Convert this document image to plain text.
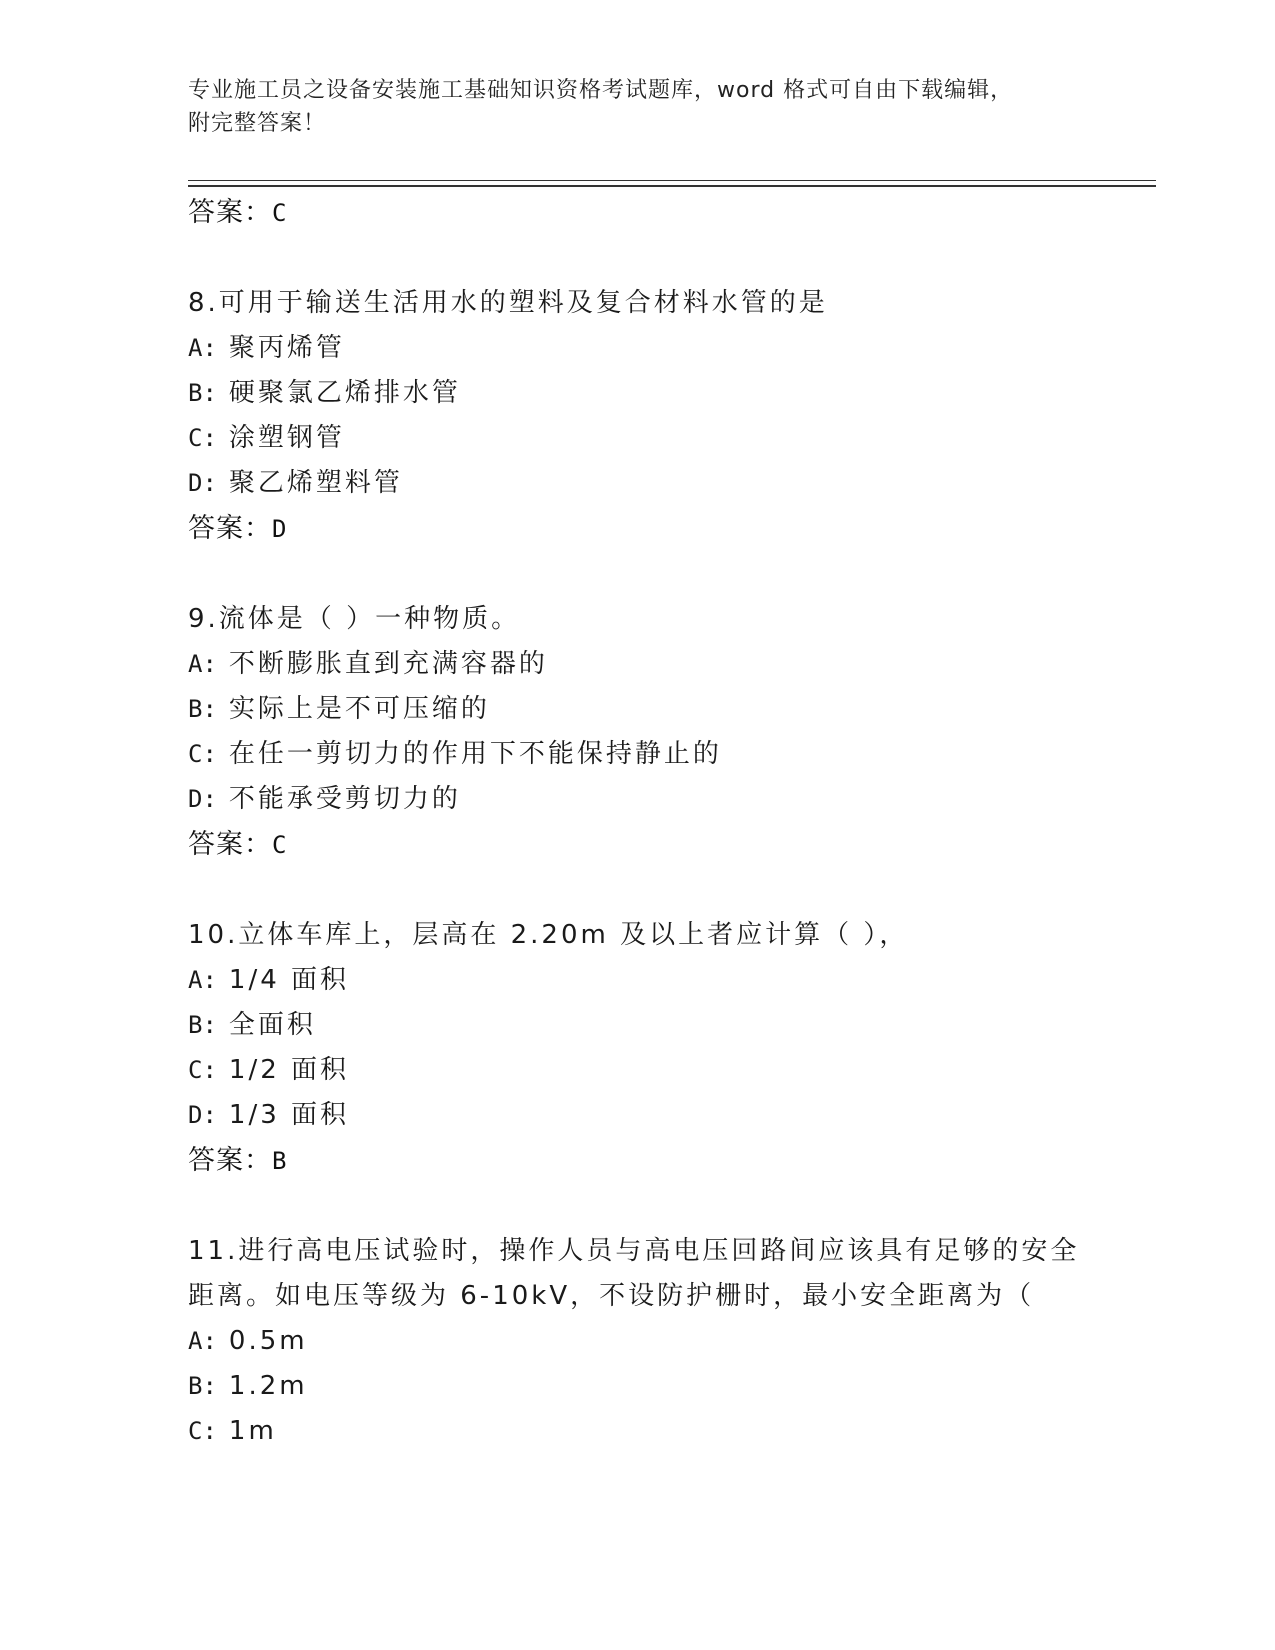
专业施工员之设备安装施工基础知识资格考试题库，word 格式可自由下载编辑，
附完整答案！
答案：C
8.可用于输送生活用水的塑料及复合材料水管的是
A: 聚丙烯管
B: 硬聚氯乙烯排水管
C: 涂塑钢管
D: 聚乙烯塑料管
答案：D
9.流体是（ ）一种物质。
A: 不断膨胀直到充满容器的
B: 实际上是不可压缩的
C: 在任一剪切力的作用下不能保持静止的
D: 不能承受剪切力的
答案：C
10.立体车库上，层高在 2.20m 及以上者应计算（ ），
A: 1/4 面积
B: 全面积
C: 1/2 面积
D: 1/3 面积
答案：B
11.进行高电压试验时，操作人员与高电压回路间应该具有足够的安全
距离。如电压等级为 6-10kV，不设防护栅时，最小安全距离为（
A: 0.5m
B: 1.2m
C: 1m
